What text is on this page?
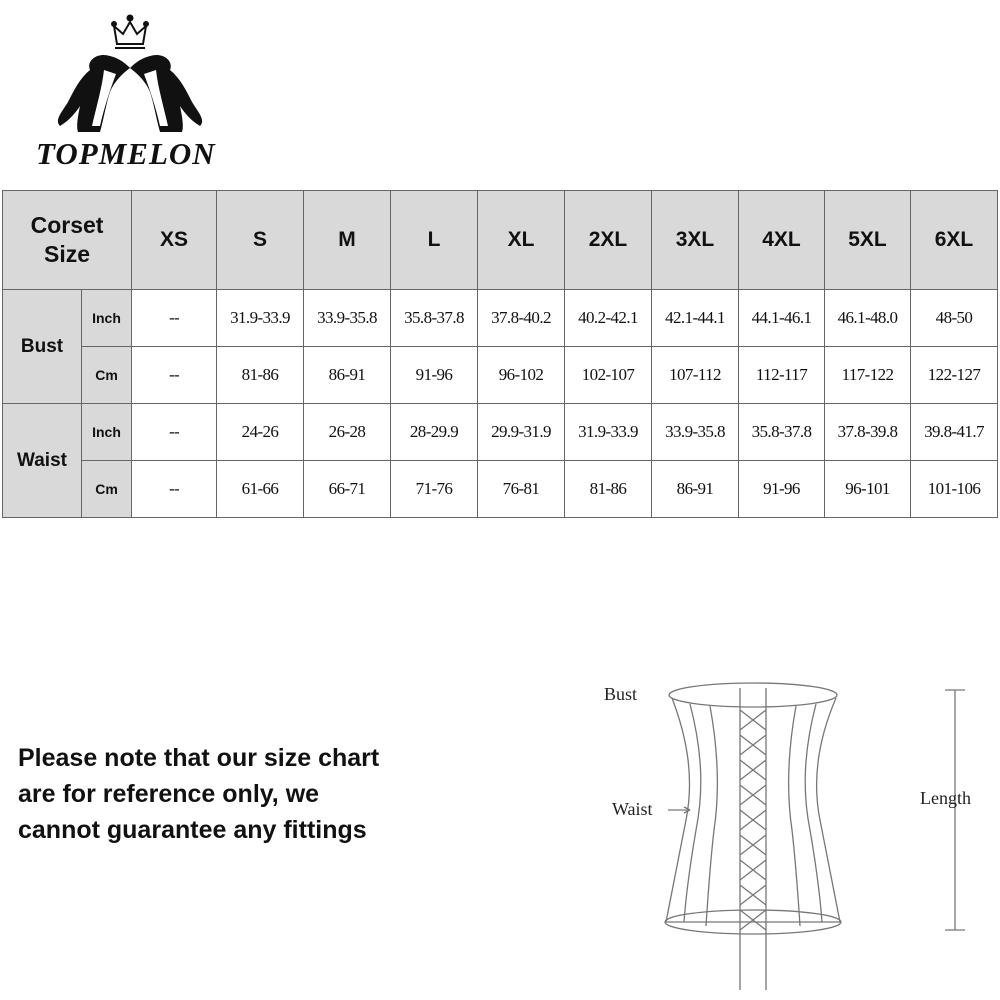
TOPMELON
Corset
Size		XS	S	M	L	XL	2XL	3XL	4XL	5XL	6XL
Bust	Inch	--	31.9-33.9	33.9-35.8	35.8-37.8	37.8-40.2	40.2-42.1	42.1-44.1	44.1-46.1	46.1-48.0	48-50
	Cm	--	81-86	86-91	91-96	96-102	102-107	107-112	112-117	117-122	122-127
Waist	Inch	--	24-26	26-28	28-29.9	29.9-31.9	31.9-33.9	33.9-35.8	35.8-37.8	37.8-39.8	39.8-41.7
	Cm	--	61-66	66-71	71-76	76-81	81-86	86-91	91-96	96-101	101-106
Please note that our size chart
are for reference only, we
cannot guarantee any fittings
Bust
Waist
Length
